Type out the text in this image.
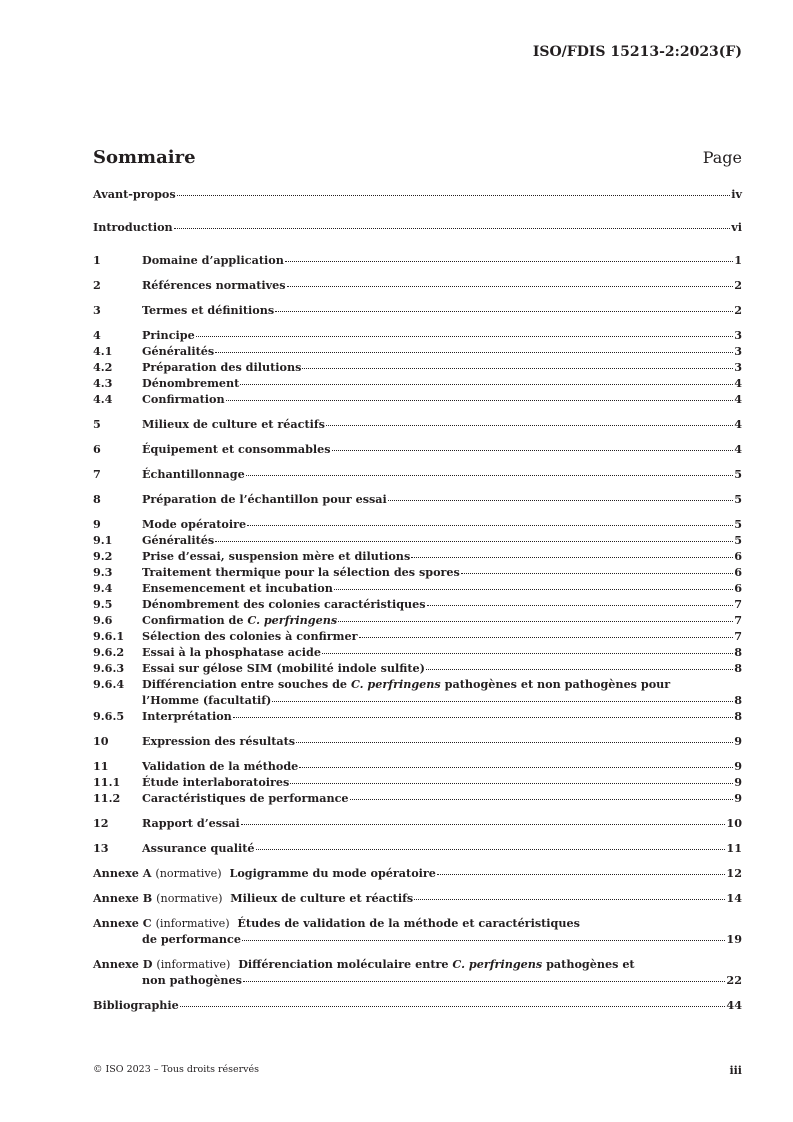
ISO/FDIS 15213-2:2023(F)
Sommaire	Page
Avant-propos	iv
Introduction	vi
1	Domaine d’application	1
2	Références normatives	2
3	Termes et définitions	2
4	Principe	3
4.1	Généralités	3
4.2	Préparation des dilutions	3
4.3	Dénombrement	4
4.4	Confirmation	4
5	Milieux de culture et réactifs	4
6	Équipement et consommables	4
7	Échantillonnage	5
8	Préparation de l’échantillon pour essai	5
9	Mode opératoire	5
9.1	Généralités	5
9.2	Prise d’essai, suspension mère et dilutions	6
9.3	Traitement thermique pour la sélection des spores	6
9.4	Ensemencement et incubation	6
9.5	Dénombrement des colonies caractéristiques	7
9.6	Confirmation de C. perfringens	7
9.6.1	Sélection des colonies à confirmer	7
9.6.2	Essai à la phosphatase acide	8
9.6.3	Essai sur gélose SIM (mobilité indole sulfite)	8
9.6.4	Différenciation entre souches de C. perfringens pathogènes et non pathogènes pour
l’Homme (facultatif)	8
9.6.5	Interprétation	8
10	Expression des résultats	9
11	Validation de la méthode	9
11.1	Étude interlaboratoires	9
11.2	Caractéristiques de performance	9
12	Rapport d’essai	10
13	Assurance qualité	11
Annexe A (normative) Logigramme du mode opératoire	12
Annexe B (normative) Milieux de culture et réactifs	14
Annexe C (informative) Études de validation de la méthode et caractéristiques
de performance	19
Annexe D (informative) Différenciation moléculaire entre C. perfringens pathogènes et
non pathogènes	22
Bibliographie	44
© ISO 2023 – Tous droits réservés	iii
